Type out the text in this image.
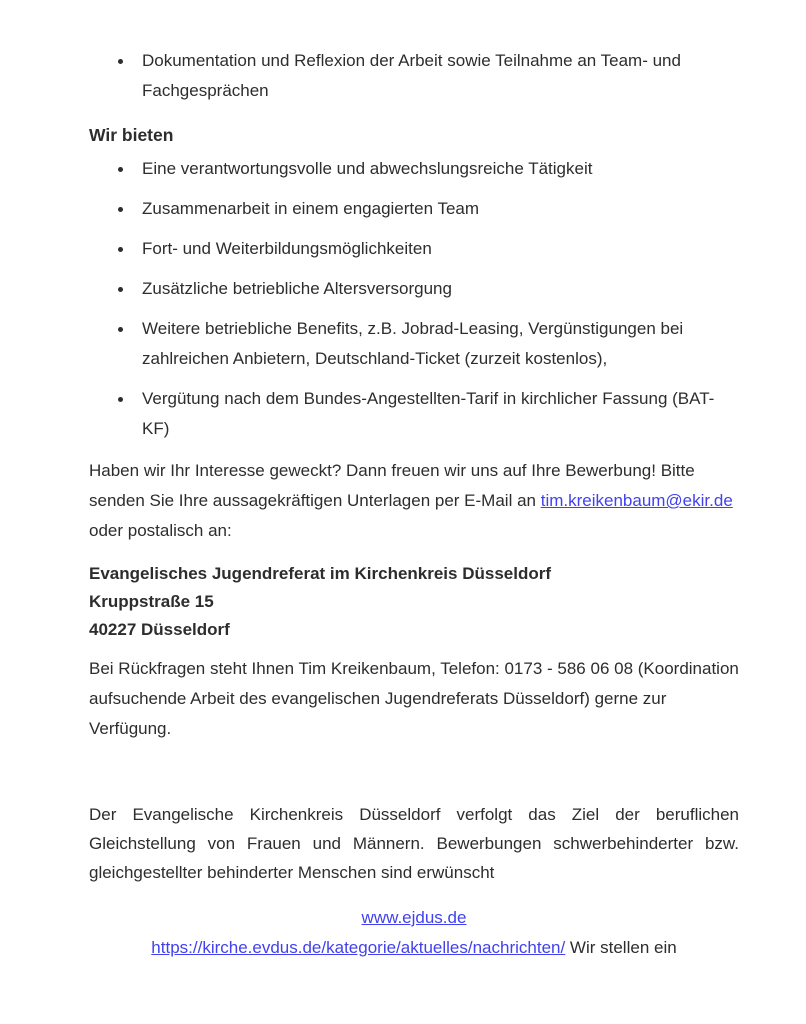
Dokumentation und Reflexion der Arbeit sowie Teilnahme an Team- und Fachgesprächen
Wir bieten
Eine verantwortungsvolle und abwechslungsreiche Tätigkeit
Zusammenarbeit in einem engagierten Team
Fort- und Weiterbildungsmöglichkeiten
Zusätzliche betriebliche Altersversorgung
Weitere betriebliche Benefits, z.B. Jobrad-Leasing, Vergünstigungen bei zahlreichen Anbietern, Deutschland-Ticket (zurzeit kostenlos),
Vergütung nach dem Bundes-Angestellten-Tarif in kirchlicher Fassung (BAT-KF)

Haben wir Ihr Interesse geweckt? Dann freuen wir uns auf Ihre Bewerbung! Bitte senden Sie Ihre aussagekräftigen Unterlagen per E-Mail an tim.kreikenbaum@ekir.de oder postalisch an:

Evangelisches Jugendreferat im Kirchenkreis Düsseldorf
Kruppstraße 15
40227 Düsseldorf

Bei Rückfragen steht Ihnen Tim Kreikenbaum, Telefon: 0173 - 586 06 08 (Koordination aufsuchende Arbeit des evangelischen Jugendreferats Düsseldorf) gerne zur Verfügung.

Der Evangelische Kirchenkreis Düsseldorf verfolgt das Ziel der beruflichen Gleichstellung von Frauen und Männern. Bewerbungen schwerbehinderter bzw. gleichgestellter behinderter Menschen sind erwünscht

www.ejdus.de
https://kirche.evdus.de/kategorie/aktuelles/nachrichten/ Wir stellen ein
